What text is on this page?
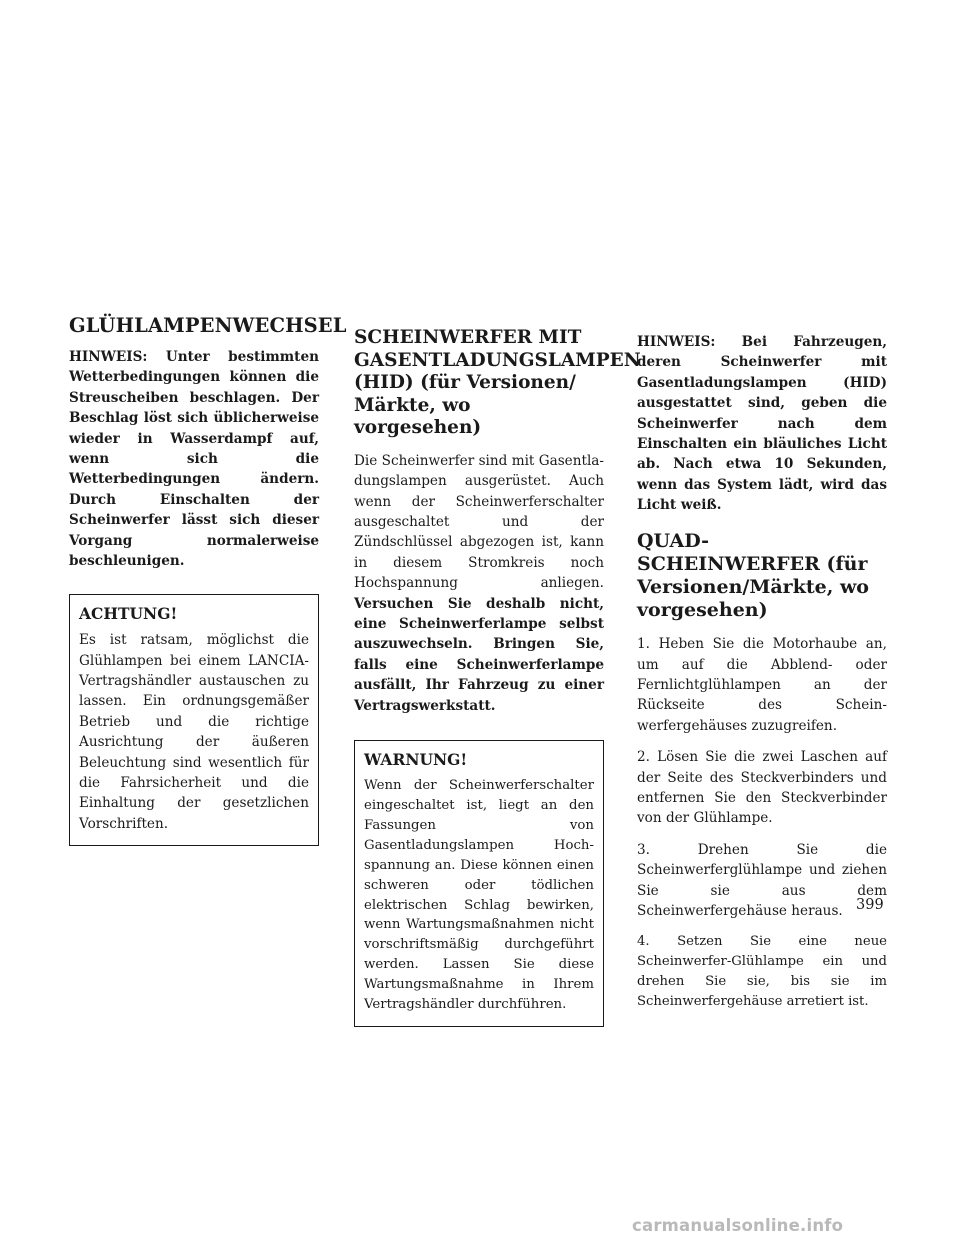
GLÜHLAMPENWECHSEL

HINWEIS: Unter bestimmten Wetterbedingungen können die Streuscheiben beschlagen. Der Beschlag löst sich üblicherweise wieder in Wasserdampf auf, wenn sich die Wetterbedingungen ändern. Durch Einschalten der Scheinwerfer lässt sich dieser Vorgang normalerweise beschleunigen.

ACHTUNG!

Es ist ratsam, möglichst die Glühlampen bei einem LANCIA-Vertragshändler austauschen zu lassen. Ein ordnungsgemäßer Betrieb und die richtige Ausrichtung der äußeren Beleuchtung sind wesentlich für die Fahrsicherheit und die Einhaltung der gesetzlichen Vorschriften.

SCHEINWERFER MIT GASENTLADUNGSLAMPEN (HID) (für Versionen/ Märkte, wo vorgesehen)

Die Scheinwerfer sind mit Gasentladungslampen ausgerüstet. Auch wenn der Scheinwerferschalter ausgeschaltet und der Zündschlüssel abgezogen ist, kann in diesem Stromkreis noch Hochspannung anliegen. Versuchen Sie deshalb nicht, eine Scheinwerferlampe selbst auszuwechseln. Bringen Sie, falls eine Scheinwerferlampe ausfällt, Ihr Fahrzeug zu einer Vertragswerkstatt.

WARNUNG!

Wenn der Scheinwerferschalter eingeschaltet ist, liegt an den Fassungen von Gasentladungslampen Hochspannung an. Diese können einen schweren oder tödlichen elektrischen Schlag bewirken, wenn Wartungsmaßnahmen nicht vorschriftsmäßig durchgeführt werden. Lassen Sie diese Wartungsmaßnahme in Ihrem Vertragshändler durchführen.

HINWEIS: Bei Fahrzeugen, deren Scheinwerfer mit Gasentladungslampen (HID) ausgestattet sind, geben die Scheinwerfer nach dem Einschalten ein bläuliches Licht ab. Nach etwa 10 Sekunden, wenn das System lädt, wird das Licht weiß.

QUAD-SCHEINWERFER (für Versionen/Märkte, wo vorgesehen)

1. Heben Sie die Motorhaube an, um auf die Abblend- oder Fernlichtglühlampen an der Rückseite des Scheinwerfergehäuses zuzugreifen.

2. Lösen Sie die zwei Laschen auf der Seite des Steckverbinders und entfernen Sie den Steckverbinder von der Glühlampe.

3. Drehen Sie die Scheinwerferglühlampe und ziehen Sie sie aus dem Scheinwerfergehäuse heraus.

4. Setzen Sie eine neue Scheinwerfer-Glühlampe ein und drehen Sie sie, bis sie im Scheinwerfergehäuse arretiert ist.

399
carmanualsonline.info
